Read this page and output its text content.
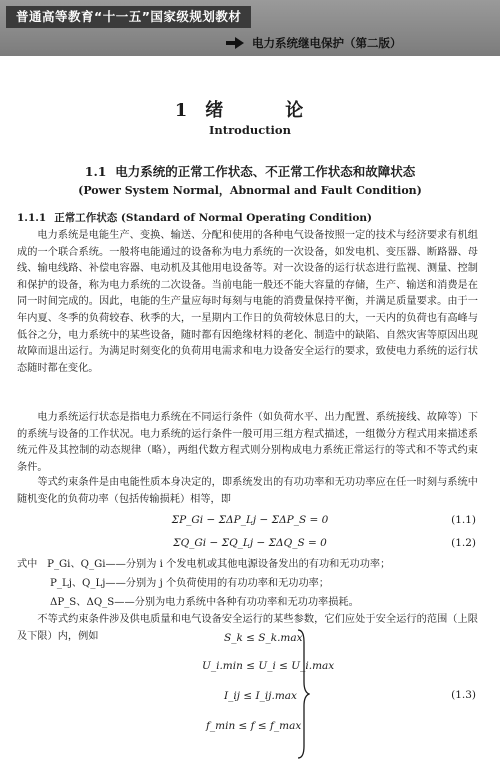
普通高等教育“十一五”国家级规划教材
电力系统继电保护（第二版）
1 绪　论
Introduction
1.1 电力系统的正常工作状态、不正常工作状态和故障状态
(Power System Normal，Abnormal and Fault Condition)
1.1.1 正常工作状态 (Standard of Normal Operating Condition)

电力系统是电能生产、变换、输送、分配和使用的各种电气设备按照一定的技术与经济要求有机组成的一个联合系统。一般将电能通过的设备称为电力系统的一次设备，如发电机、变压器、断路器、母线、输电线路、补偿电容器、电动机及其他用电设备等。对一次设备的运行状态进行监视、测量、控制和保护的设备，称为电力系统的二次设备。当前电能一般还不能大容量的存储，生产、输送和消费是在同一时间完成的。因此，电能的生产量应每时每刻与电能的消费量保持平衡，并满足质量要求。由于一年内夏、冬季的负荷较春、秋季的大，一星期内工作日的负荷较休息日的大，一天内的负荷也有高峰与低谷之分，电力系统中的某些设备，随时都有因绝缘材料的老化、制造中的缺陷、自然灾害等原因出现故障而退出运行。为满足时刻变化的负荷用电需求和电力设备安全运行的要求，致使电力系统的运行状态随时都在变化。

电力系统运行状态是指电力系统在不同运行条件（如负荷水平、出力配置、系统接线、故障等）下的系统与设备的工作状况。电力系统的运行条件一般可用三组方程式描述，一组微分方程式用来描述系统元件及其控制的动态规律（略），两组代数方程式则分别构成电力系统正常运行的等式和不等式约束条件。

等式约束条件是由电能性质本身决定的，即系统发出的有功功率和无功功率应在任一时刻与系统中随机变化的负荷功率（包括传输损耗）相等，即

ΣP_Gi − ΣΔP_Lj − ΣΔP_S = 0	(1.1)
ΣQ_Gi − ΣQ_Lj − ΣΔQ_S = 0	(1.2)
式中 P_Gi、Q_Gi——分别为 i 个发电机或其他电源设备发出的有功和无功功率；
P_Lj、Q_Lj——分别为 j 个负荷使用的有功功率和无功功率；
ΔP_S、ΔQ_S——分别为电力系统中各种有功功率和无功功率损耗。

不等式约束条件涉及供电质量和电气设备安全运行的某些参数，它们应处于安全运行的范围（上限及下限）内，例如	S_k ≤ S_k.max
U_i.min ≤ U_i ≤ U_i.max
I_ij ≤ I_ij.max
f_min ≤ f ≤ f_max
(1.3)
